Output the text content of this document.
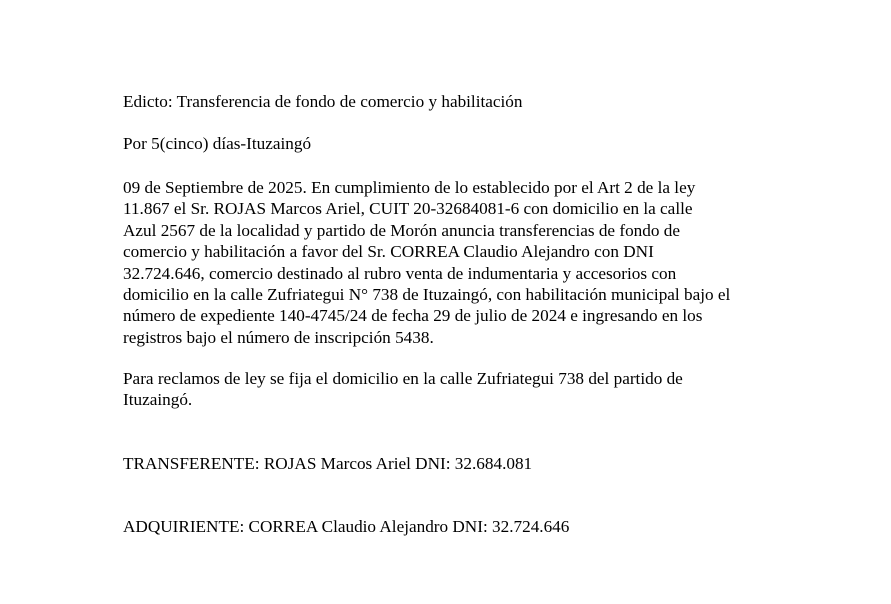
Edicto: Transferencia de fondo de comercio y habilitación

Por 5(cinco) días-Ituzaingó

09 de Septiembre de 2025. En cumplimiento de lo establecido por el Art 2 de la ley
11.867 el Sr. ROJAS Marcos Ariel, CUIT 20-32684081-6 con domicilio en la calle
Azul 2567 de la localidad y partido de Morón anuncia transferencias de fondo de
comercio y habilitación a favor del Sr. CORREA Claudio Alejandro con DNI
32.724.646, comercio destinado al rubro venta de indumentaria y accesorios con
domicilio en la calle Zufriategui N° 738 de Ituzaingó, con habilitación municipal bajo el
número de expediente 140-4745/24 de fecha 29 de julio de 2024 e ingresando en los
registros bajo el número de inscripción 5438.

Para reclamos de ley se fija el domicilio en la calle Zufriategui 738 del partido de
Ituzaingó.

TRANSFERENTE: ROJAS Marcos Ariel DNI: 32.684.081

ADQUIRIENTE: CORREA Claudio Alejandro DNI: 32.724.646
